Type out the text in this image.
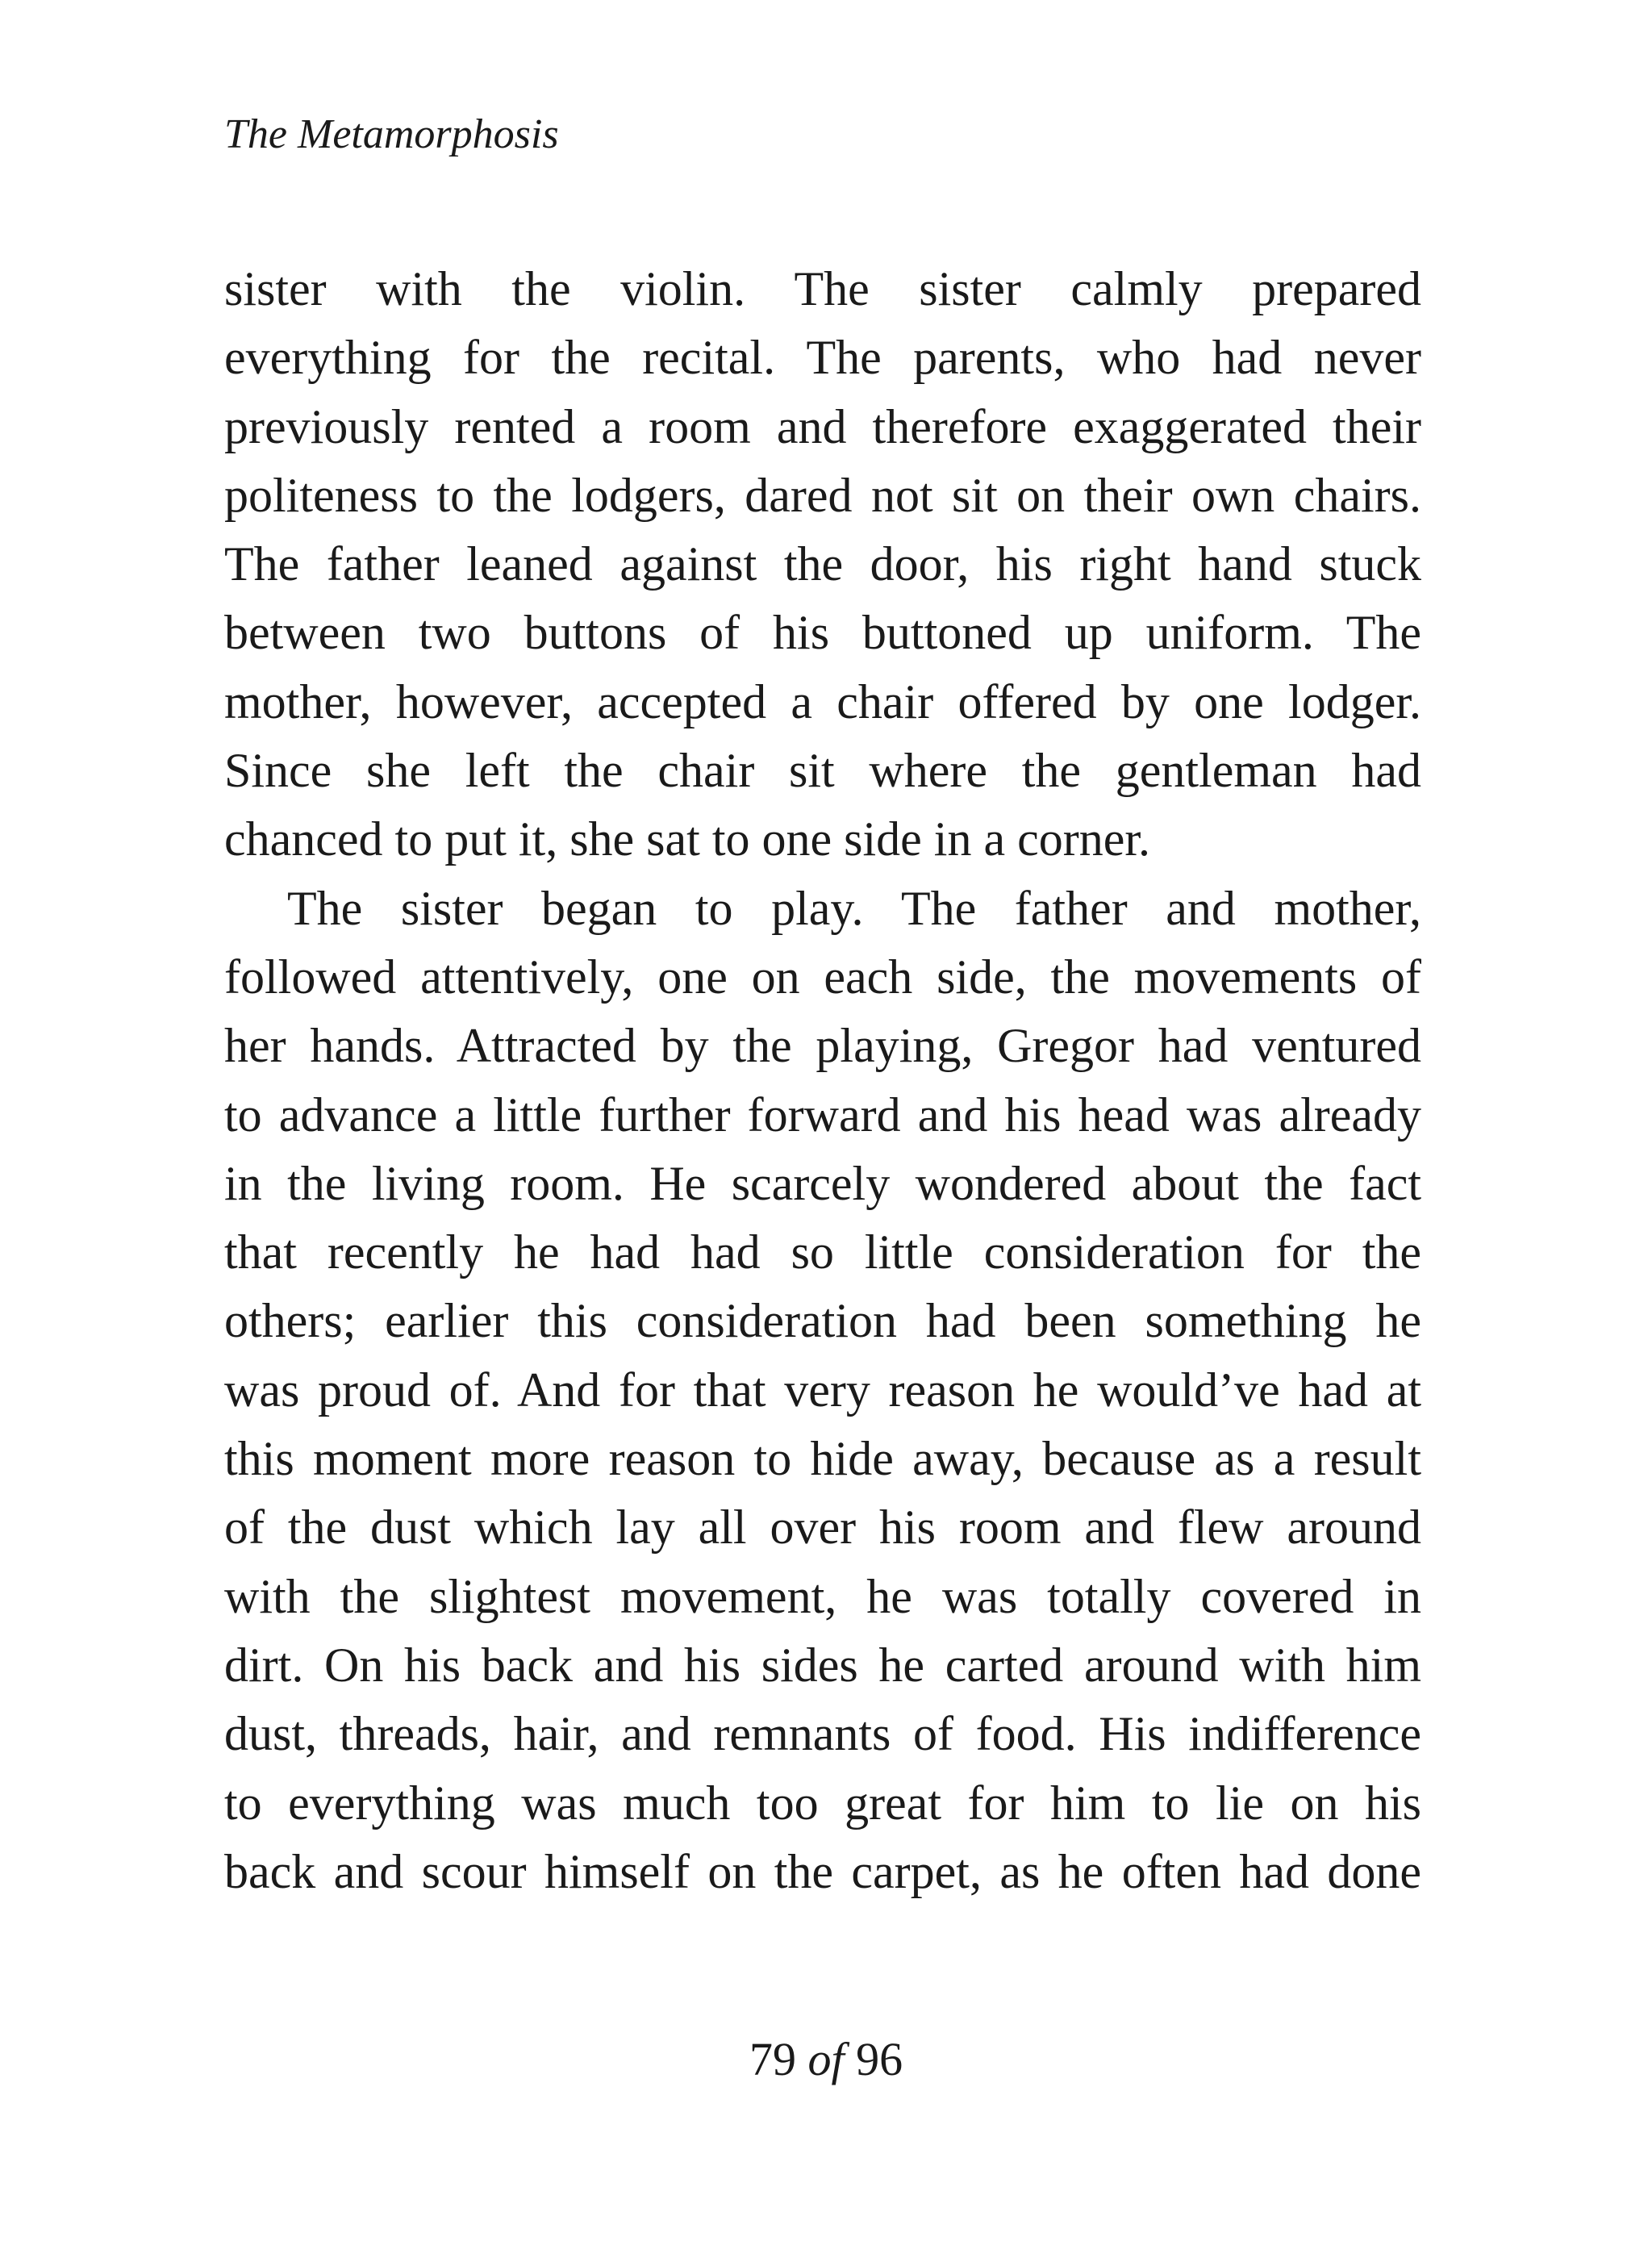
The Metamorphosis
sister with the violin. The sister calmly prepared
everything for the recital. The parents, who had never
previously rented a room and therefore exaggerated their
politeness to the lodgers, dared not sit on their own chairs.
The father leaned against the door, his right hand stuck
between two buttons of his buttoned up uniform. The
mother, however, accepted a chair offered by one lodger.
Since she left the chair sit where the gentleman had
chanced to put it, she sat to one side in a corner.
The sister began to play. The father and mother,
followed attentively, one on each side, the movements of
her hands. Attracted by the playing, Gregor had ventured
to advance a little further forward and his head was already
in the living room. He scarcely wondered about the fact
that recently he had had so little consideration for the
others; earlier this consideration had been something he
was proud of. And for that very reason he would’ve had at
this moment more reason to hide away, because as a result
of the dust which lay all over his room and flew around
with the slightest movement, he was totally covered in
dirt. On his back and his sides he carted around with him
dust, threads, hair, and remnants of food. His indifference
to everything was much too great for him to lie on his
back and scour himself on the carpet, as he often had done
79 of 96
